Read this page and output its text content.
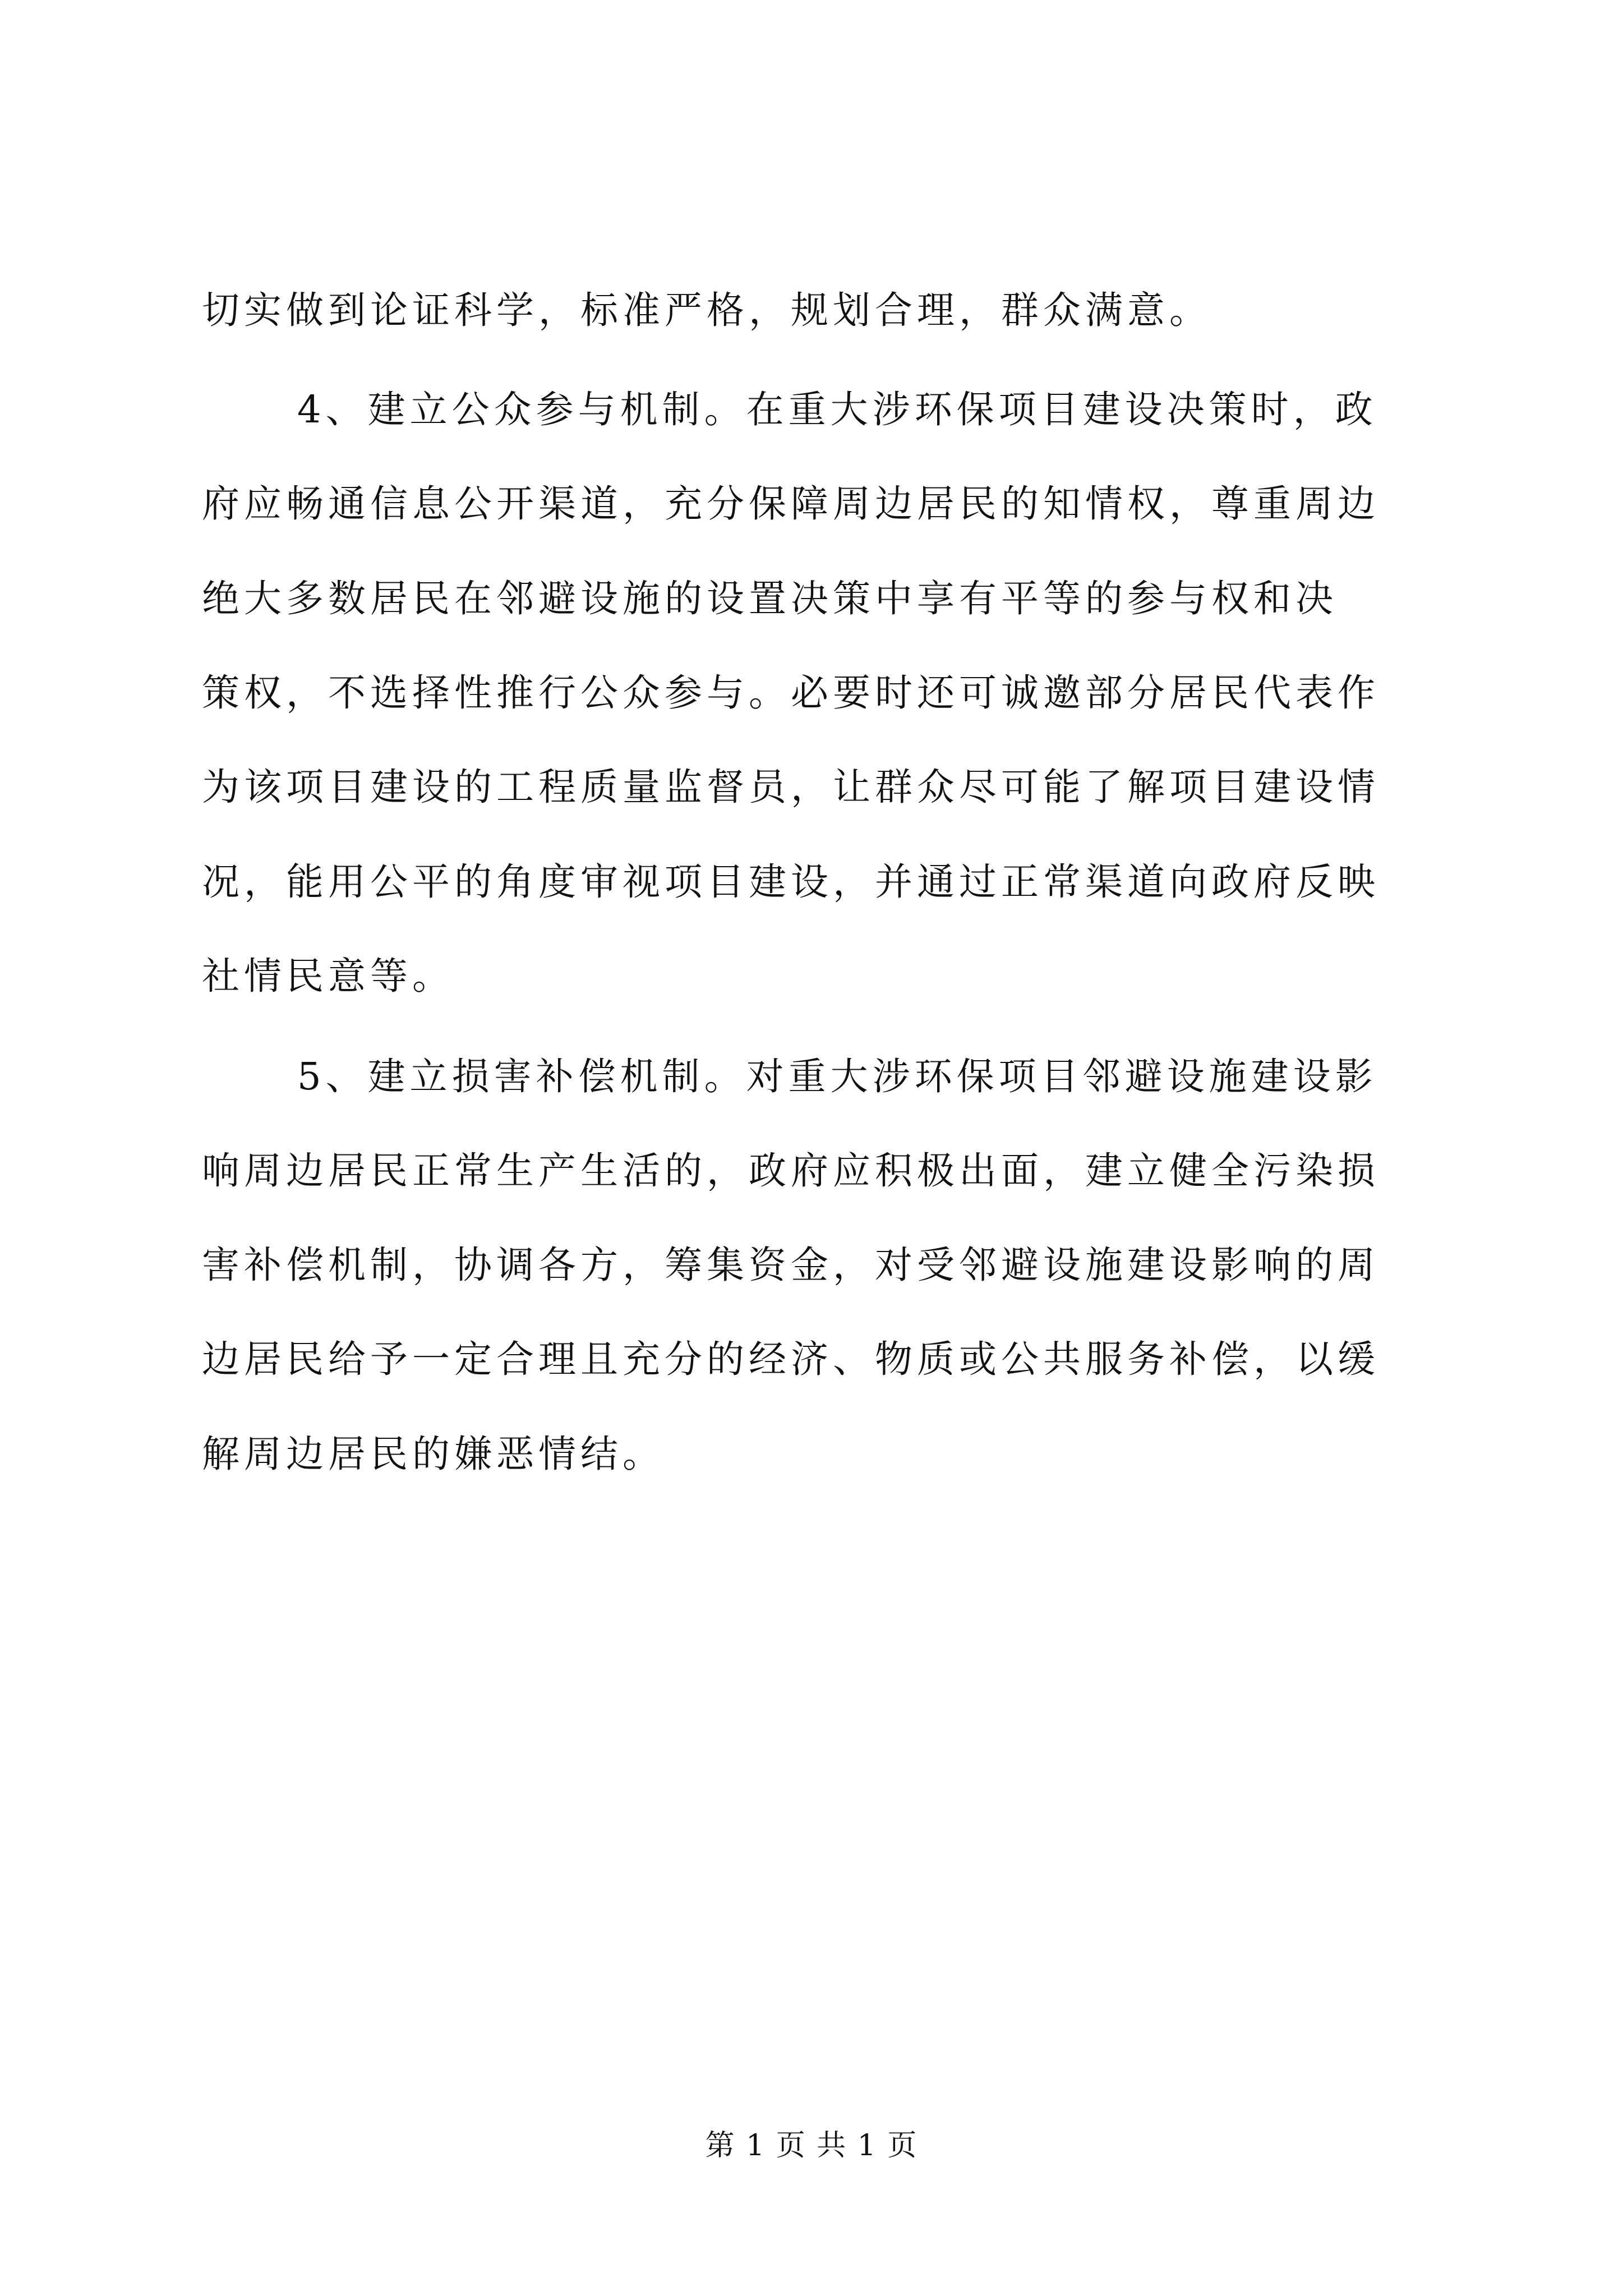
切实做到论证科学，标准严格，规划合理，群众满意。
4、建立公众参与机制。在重大涉环保项目建设决策时，政
府应畅通信息公开渠道，充分保障周边居民的知情权，尊重周边
绝大多数居民在邻避设施的设置决策中享有平等的参与权和决
策权，不选择性推行公众参与。必要时还可诚邀部分居民代表作
为该项目建设的工程质量监督员，让群众尽可能了解项目建设情
况，能用公平的角度审视项目建设，并通过正常渠道向政府反映
社情民意等。
5、建立损害补偿机制。对重大涉环保项目邻避设施建设影
响周边居民正常生产生活的，政府应积极出面，建立健全污染损
害补偿机制，协调各方，筹集资金，对受邻避设施建设影响的周
边居民给予一定合理且充分的经济、物质或公共服务补偿，以缓
解周边居民的嫌恶情结。
第 1 页 共 1 页
